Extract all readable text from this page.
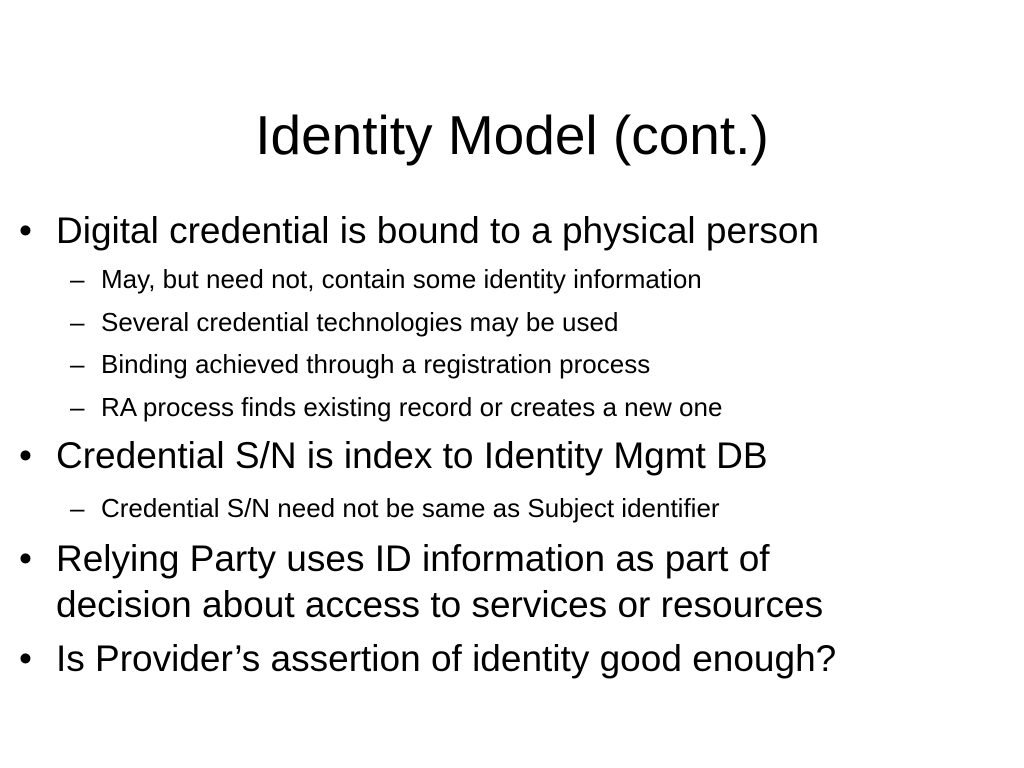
Identity Model (cont.)
• Digital credential is bound to a physical person
– May, but need not, contain some identity information
– Several credential technologies may be used
– Binding achieved through a registration process
– RA process finds existing record or creates a new one
• Credential S/N is index to Identity Mgmt DB
– Credential S/N need not be same as Subject identifier
• Relying Party uses ID information as part of
decision about access to services or resources
• Is Provider’s assertion of identity good enough?
